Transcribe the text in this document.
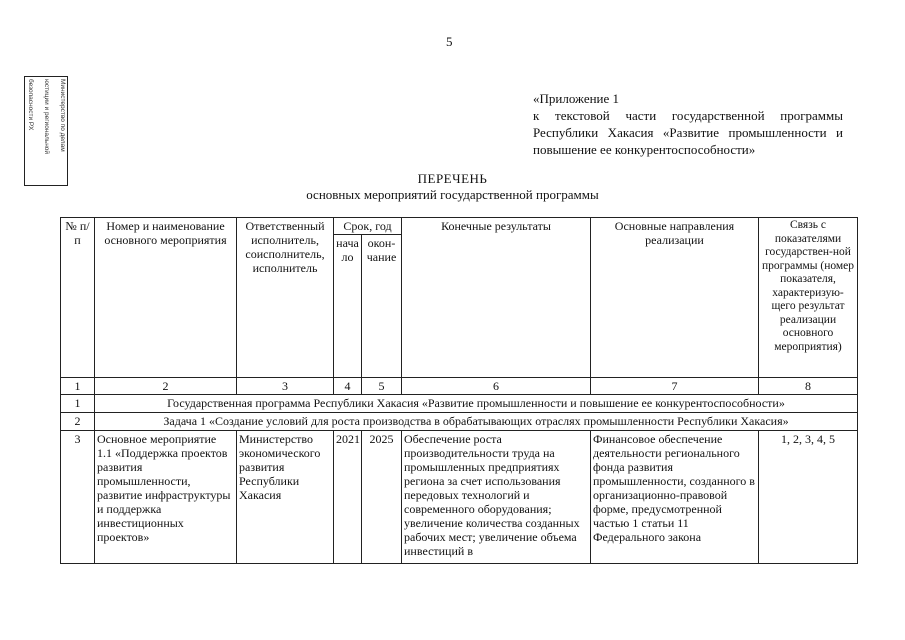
5

Министерство по делам

юстиции и региональной

безопасности РХ	«Приложение 1
к текстовой части государственной программы
Республики Хакасия «Развитие промышленности и
повышение ее конкурентоспособности»
ПЕРЕЧЕНЬ
основных мероприятий государственной программы
№ п/п	Номер и наименование основного мероприятия	Ответственный исполнитель, соисполнитель, исполнитель	Срок, год		Конечные результаты	Основные направления реализации	Связь с показателями государствен-ной программы (номер показателя, характеризую-щего результат реализации основного мероприятия)
			нача ло	окон- чание			
1	2	3	4	5	6	7	8
1	Государственная программа Республики Хакасия «Развитие промышленности и повышение ее конкурентоспособности»						
2	Задача 1 «Создание условий для роста производства в обрабатывающих отраслях промышленности Республики Хакасия»						
3	Основное мероприятие 1.1 «Поддержка проектов развития промышленности, развитие инфраструктуры и поддержка инвестиционных проектов»	Министерство экономического развития Республики Хакасия	2021	2025	Обеспечение роста производительности труда на промышленных предприятиях региона за счет использования передовых технологий и современного оборудования; увеличение количества созданных рабочих мест; увеличение объема инвестиций в	Финансовое обеспечение деятельности регионального фонда развития промышленности, созданного в организационно-правовой форме, предусмотренной частью 1 статьи 11 Федерального закона	1, 2, 3, 4, 5
